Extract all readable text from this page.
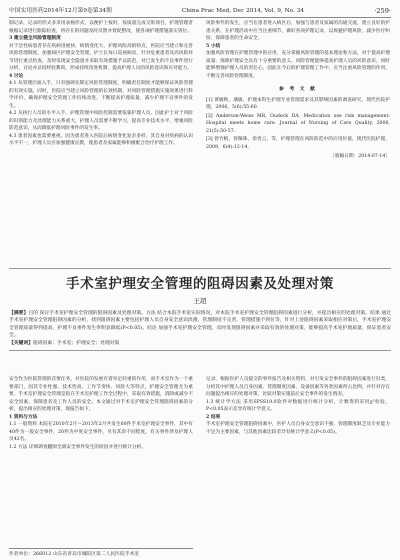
中国实用医药2014年12月第9卷第34期	China Prac Med, Dec 2014, Vol. 9, No. 34	·259·

制记录，记录的形式多采用表格形式，以便护士按时、按质量完成交班项目，护理管理者根据记录进行跟踪检查，将存在的问题及时反馈并督促整改，使各项护理措施落实到位。

3 建立健全风险管理制度

对于急性病患者存在疾病进展快、病情变化大、护理风险高的特点，医院应当建立和完善风险管理制度，加强病区护理安全管理，护士长每日巡视病房，针对危重患者及高风险环节进行重点检查，及时发现安全隐患并采取有效措施予以防范，对已发生的不良事件进行分析、讨论并总结经验教训，形成持续改进机制，提高护理人员的风险意识和应对能力。

4 讨论

4.1 从管理层面入手，只有强调先制定风险管理制度，明确责任制度才能够保证风险管理的有效实施。同时，医院应当建立风险管理的长效机制，对风险管理措施实施效果进行科学评价，确保护理安全管理工作持续改进，不断提高护理质量，减少护理不良事件的发生。

4.2 从执行人员的水平入手，护理管理中风险控制需要依靠护理人员，因此护士对于风险的识别能力及处理能力关系重大，护理人员需要不断学习，提高专业技术水平，增强风险防范意识，从而降低护理风险事件的发生率。

4.3 患者因素也需要重视，因为患者进入医院后病情变化复杂多样，其自身对疾病的认识水平不一，护理人员应加强健康宣教，使患者及家属能够积极配合治疗护理工作。

风险事件的发生，应当在患者进入病区后，加强与患者及家属的沟通交流，建立良好的护患关系，在护理活动中应当注重细节，做好各项护理记录，以规避护理风险，减少医疗纠纷，保障患者的生命安全。

5 小结

加强风险管理在护理管理中的应用，充分掌握风险管理的基本理论和方法，对于提高护理质量、保障护理安全具有十分重要的意义。风险管理能够提高护理人员的风险意识，同时能够增强护理人员的责任心，因此在今后的护理管理工作中，应当注重风险管理的作用，不断完善风险管理制度。

参 考 文 献
[1] 黄敏秋，潘敏，护理本科生护理专业管理需求及其影响因素的调查研究，现代医院护理，2006，5(6):55-60.
[2] Anderson-Weiss MR, Oudeck DA. Medication use risk management: Hospital meets home care. Journal of Nursing of Care Quality, 2006, 21(5):50-57.
[3] 曾竹帆，曾佩珠，余善云，等，护理管理在风险防范中的应用价值，现代医院护理，2009，6(4):12-14.
［收稿日期：2014-07-14］
手术室护理安全管理的阻碍因素及处理对策
王超

【摘要】目的 探讨手术室护理安全管理的阻碍因素及处理对策。方法 结合本院手术室实际情况，对本院手术室护理安全管理阻碍因素进行分析，并提出相应的处理对策。结果 通过手术室护理安全管理阻碍因素的分析，找到阻碍因素主要包括护理人员自身安全意识淡薄、管理制度不完善、管理措施不到位等，针对上述阻碍因素采取相应对策后，手术室护理安全管理质量得到提高，护理不良事件发生率明显降低(P<0.05)。结论 加强手术室护理安全管理，及时发现阻碍因素并采取有效的处理对策，能够提高手术室护理质量，保证患者安全。

【关键词】阻碍因素；手术室；护理安全；处理对策

安全作为医院管理的首要任务，对医院的发展有着举足轻重的作用，而手术室作为一个重要部门，因其专业性强、技术性高、工作节奏快、风险大等特点，护理安全管理尤为重要，手术室护理安全管理是指在手术室护理工作全过程中，采取有效措施，消除或减少不安全因素，保障患者及工作人员的安全。本文通过对手术室护理安全管理阻碍因素的分析，提出相应的处理对策，现报告如下。

1 资料与方法

1.1 一般资料 本院在2010年2月～2013年2月共发生60件手术室护理安全事件，其中有40件为一般安全事件，20件为中度安全事件，另有其余不同程度，有关事件涉及护理人员42名。

1.2 方法 详细调查翻阅全部安全事件发生的原因并进行统计分析。

记录，根据医护人员提交的事件报告及相关资料，对引发安全事件的阻碍因素进行归类，分析其中护理人员自身因素、管理制度因素、设备因素等各类因素所占比例，并针对存在问题提出相应的处理对策，比较对策实施前后安全事件的发生情况。

1.3 统计学方法 采用SPSS19.0软件对数据进行统计分析，计数资料采用χ²检验，P<0.05表示差异有统计学意义。

2 结果

手术室护理安全管理阻碍因素中，医护人员自身安全意识不强、管理制度缺乏及专业能力不足为主要因素，与其他因素比较差异有统计学意义(P<0.05)。

作者单位：266012 山东省青岛市城阳区第二人民医院手术室
